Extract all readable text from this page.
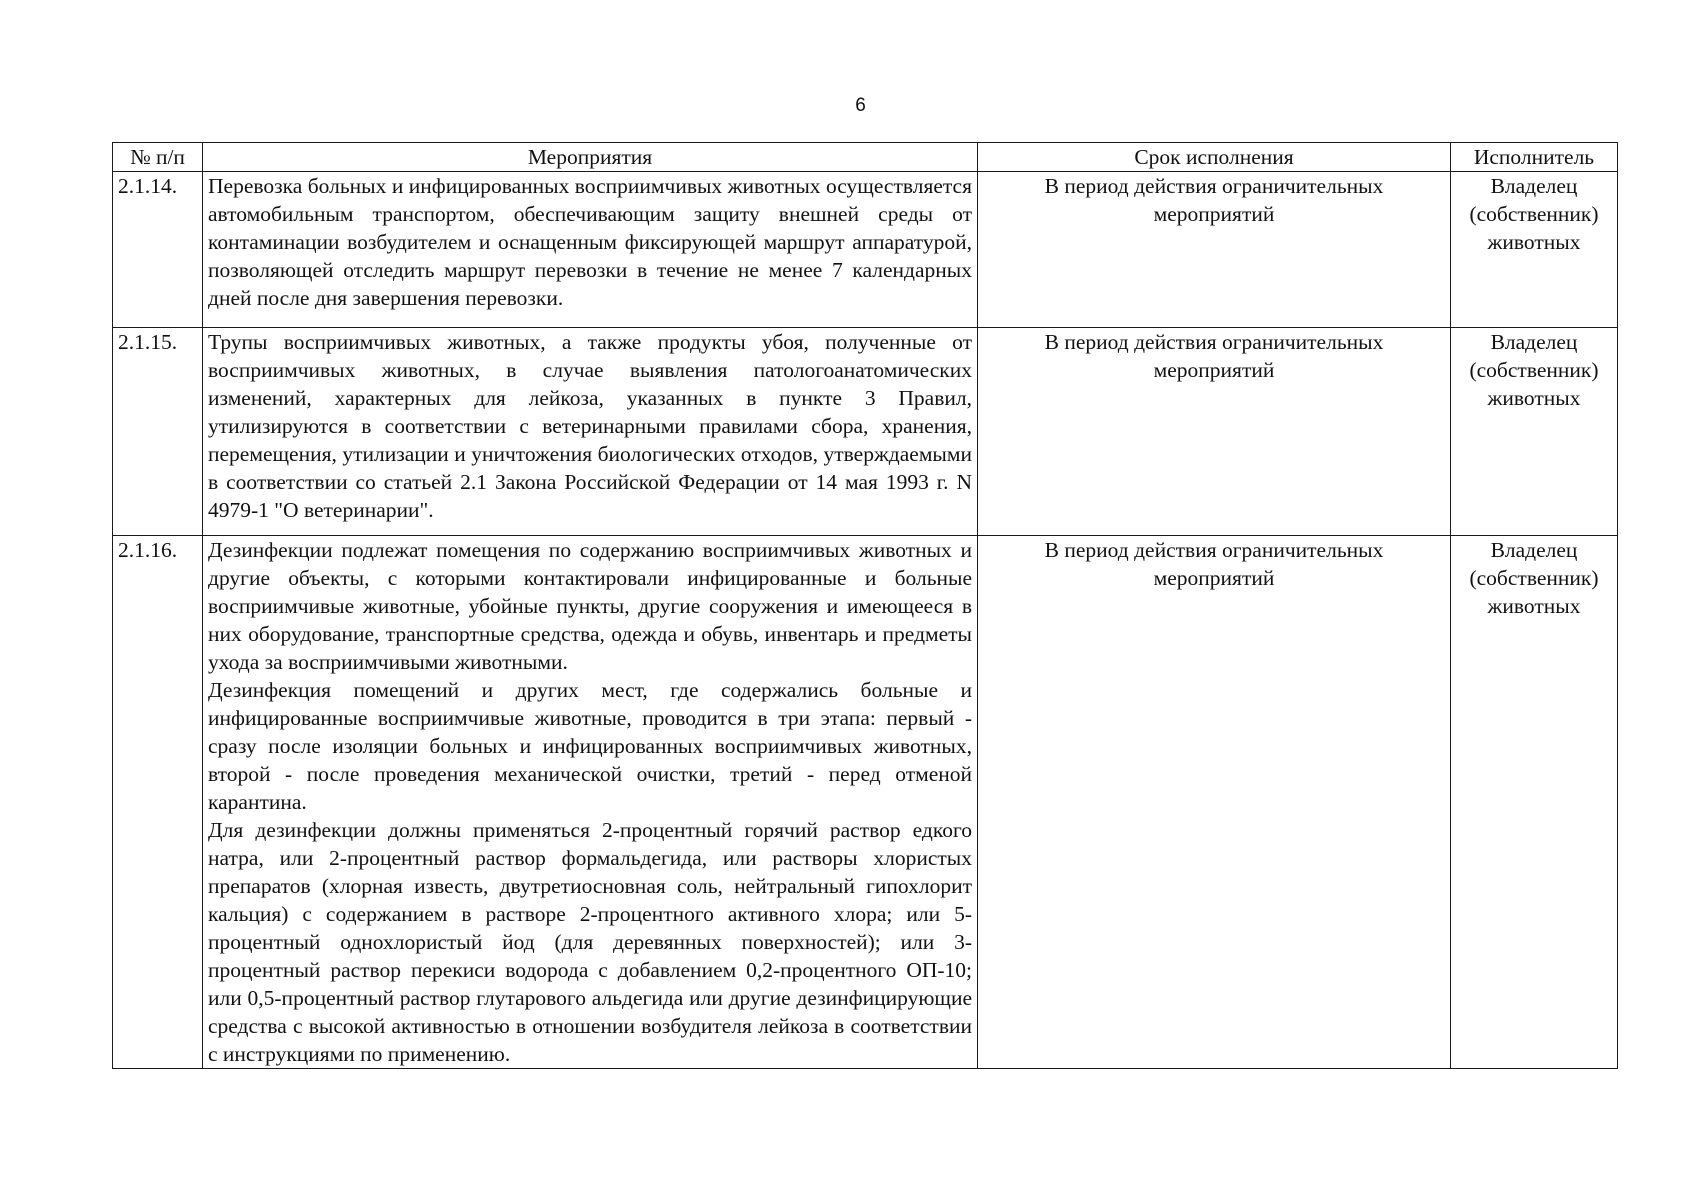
6
№ п/п	Мероприятия	Срок исполнения	Исполнитель
2.1.14.	Перевозка больных и инфицированных восприимчивых животных осуществляется автомобильным транспортом, обеспечивающим защиту внешней среды от контаминации возбудителем и оснащенным фиксирующей маршрут аппаратурой, позволяющей отследить маршрут перевозки в течение не менее 7 календарных дней после дня завершения перевозки.	В период действия ограничительных мероприятий	Владелец (собственник) животных

2.1.15.	Трупы восприимчивых животных, а также продукты убоя, полученные от восприимчивых животных, в случае выявления патологоанатомических изменений, характерных для лейкоза, указанных в пункте 3 Правил, утилизируются в соответствии с ветеринарными правилами сбора, хранения, перемещения, утилизации и уничтожения биологических отходов, утверждаемыми в соответствии со статьей 2.1 Закона Российской Федерации от 14 мая 1993 г. N 4979-1 "О ветеринарии".	В период действия ограничительных мероприятий	Владелец (собственник) животных

2.1.16.	Дезинфекции подлежат помещения по содержанию восприимчивых животных и другие объекты, с которыми контактировали инфицированные и больные восприимчивые животные, убойные пункты, другие сооружения и имеющееся в них оборудование, транспортные средства, одежда и обувь, инвентарь и предметы ухода за восприимчивыми животными.

Дезинфекция помещений и других мест, где содержались больные и инфицированные восприимчивые животные, проводится в три этапа: первый - сразу после изоляции больных и инфицированных восприимчивых животных, второй - после проведения механической очистки, третий - перед отменой карантина.

Для дезинфекции должны применяться 2-процентный горячий раствор едкого натра, или 2-процентный раствор формальдегида, или растворы хлористых препаратов (хлорная известь, двутретиосновная соль, нейтральный гипохлорит кальция) с содержанием в растворе 2-процентного активного хлора; или 5-процентный однохлористый йод (для деревянных поверхностей); или 3-процентный раствор перекиси водорода с добавлением 0,2-процентного ОП-10; или 0,5-процентный раствор глутарового альдегида или другие дезинфицирующие средства с высокой активностью в отношении возбудителя лейкоза в соответствии с инструкциями по применению.	В период действия ограничительных мероприятий	Владелец (собственник) животных
